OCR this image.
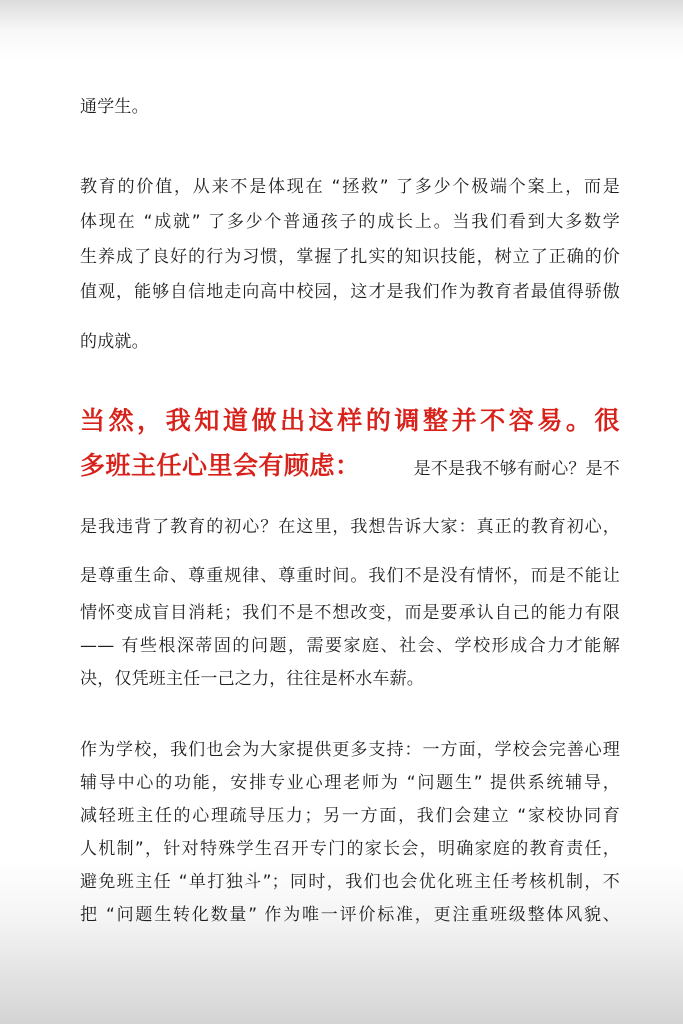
通学生。
教育的价值，从来不是体现在 “拯救” 了多少个极端个案上，而是
体现在 “成就” 了多少个普通孩子的成长上。当我们看到大多数学
生养成了良好的行为习惯，掌握了扎实的知识技能，树立了正确的价
值观，能够自信地走向高中校园，这才是我们作为教育者最值得骄傲
的成就。
当然，我知道做出这样的调整并不容易。很
多班主任心里会有顾虑：	是不是我不够有耐心？是不
是我违背了教育的初心？在这里，我想告诉大家：真正的教育初心，
是尊重生命、尊重规律、尊重时间。我们不是没有情怀，而是不能让
情怀变成盲目消耗；我们不是不想改变，而是要承认自己的能力有限
—— 有些根深蒂固的问题，需要家庭、社会、学校形成合力才能解
决，仅凭班主任一己之力，往往是杯水车薪。
作为学校，我们也会为大家提供更多支持：一方面，学校会完善心理
辅导中心的功能，安排专业心理老师为 “问题生” 提供系统辅导，
减轻班主任的心理疏导压力；另一方面，我们会建立 “家校协同育
人机制”，针对特殊学生召开专门的家长会，明确家庭的教育责任，
避免班主任 “单打独斗”；同时，我们也会优化班主任考核机制，不
把 “问题生转化数量” 作为唯一评价标准，更注重班级整体风貌、
